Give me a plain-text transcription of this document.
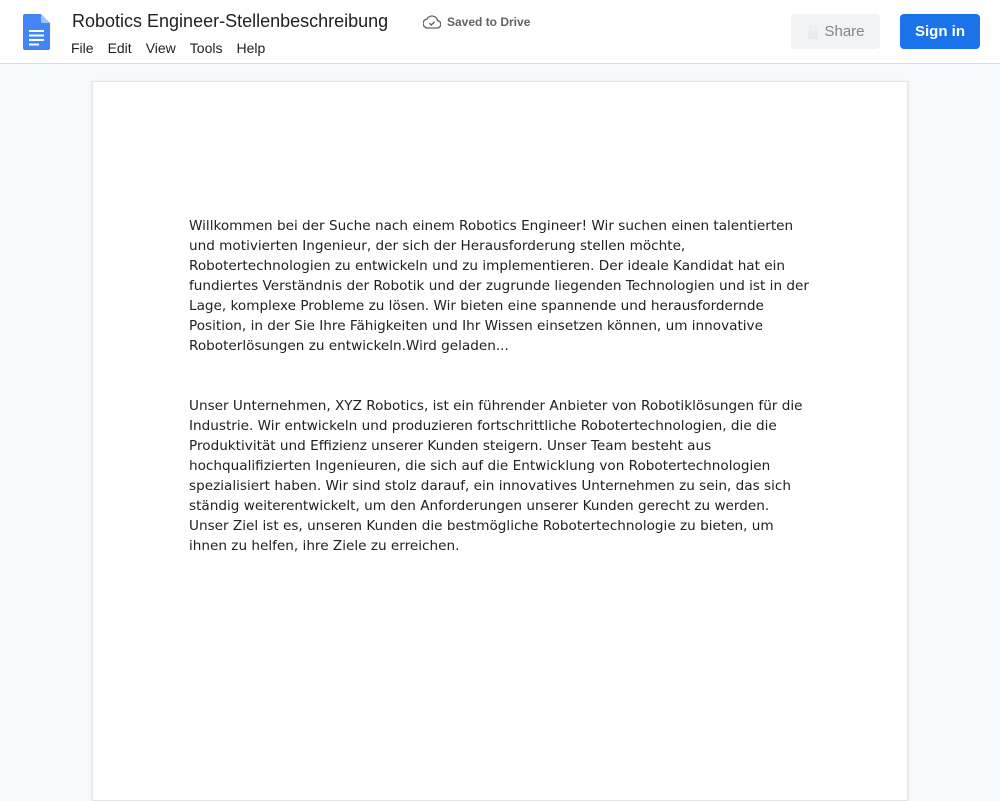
Robotics Engineer-Stellenbeschreibung	Saved to Drive
File	Edit	View	Tools	Help
Share	Sign in

Willkommen bei der Suche nach einem Robotics Engineer! Wir suchen einen talentierten und motivierten Ingenieur, der sich der Herausforderung stellen möchte, Robotertechnologien zu entwickeln und zu implementieren. Der ideale Kandidat hat ein fundiertes Verständnis der Robotik und der zugrunde liegenden Technologien und ist in der Lage, komplexe Probleme zu lösen. Wir bieten eine spannende und herausfordernde Position, in der Sie Ihre Fähigkeiten und Ihr Wissen einsetzen können, um innovative Roboterlösungen zu entwickeln.Wird geladen...

Unser Unternehmen, XYZ Robotics, ist ein führender Anbieter von Robotiklösungen für die Industrie. Wir entwickeln und produzieren fortschrittliche Robotertechnologien, die die Produktivität und Effizienz unserer Kunden steigern. Unser Team besteht aus hochqualifizierten Ingenieuren, die sich auf die Entwicklung von Robotertechnologien spezialisiert haben. Wir sind stolz darauf, ein innovatives Unternehmen zu sein, das sich ständig weiterentwickelt, um den Anforderungen unserer Kunden gerecht zu werden. Unser Ziel ist es, unseren Kunden die bestmögliche Robotertechnologie zu bieten, um ihnen zu helfen, ihre Ziele zu erreichen.
